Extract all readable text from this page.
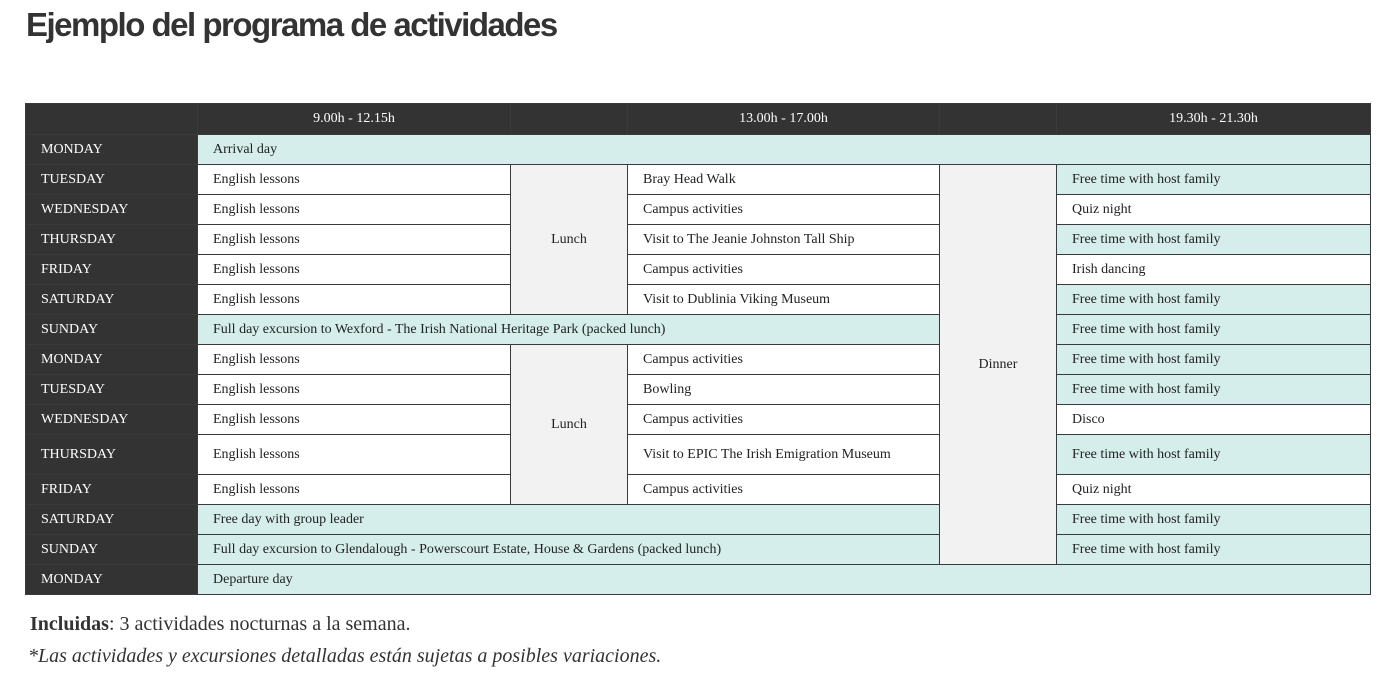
Ejemplo del programa de actividades
	9.00h - 12.15h		13.00h - 17.00h		19.30h - 21.30h
MONDAY	Arrival day				
TUESDAY	English lessons	Lunch	Bray Head Walk	Dinner	Free time with host family
WEDNESDAY	English lessons		Campus activities		Quiz night
THURSDAY	English lessons		Visit to The Jeanie Johnston Tall Ship		Free time with host family
FRIDAY	English lessons		Campus activities		Irish dancing
SATURDAY	English lessons		Visit to Dublinia Viking Museum		Free time with host family
SUNDAY	Full day excursion to Wexford - The Irish National Heritage Park (packed lunch)				Free time with host family
MONDAY	English lessons	Lunch	Campus activities		Free time with host family
TUESDAY	English lessons		Bowling		Free time with host family
WEDNESDAY	English lessons		Campus activities		Disco
THURSDAY	English lessons		Visit to EPIC The Irish Emigration Museum		Free time with host family
FRIDAY	English lessons		Campus activities		Quiz night
SATURDAY	Free day with group leader				Free time with host family
SUNDAY	Full day excursion to Glendalough - Powerscourt Estate, House & Gardens (packed lunch)				Free time with host family
MONDAY	Departure day				

Incluidas: 3 actividades nocturnas a la semana.

*Las actividades y excursiones detalladas están sujetas a posibles variaciones.
